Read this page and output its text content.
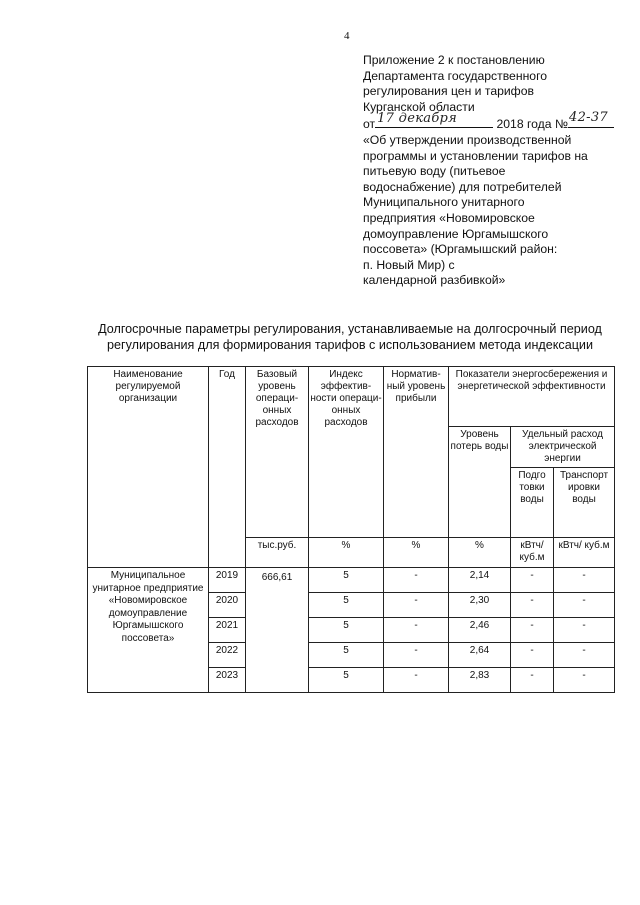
4
Приложение 2 к постановлению
Департамента государственного
регулирования цен и тарифов
Курганской области
от 17 декабря	2018 года № 42-37
«Об утверждении производственной
программы и установлении тарифов на
питьевую воду (питьевое
водоснабжение) для потребителей
Муниципального унитарного
предприятия «Новомировское
домоуправление Юргамышского
поссовета» (Юргамышский район:
п. Новый Мир) с
календарной разбивкой»
Долгосрочные параметры регулирования, устанавливаемые на долгосрочный период
регулирования для формирования тарифов с использованием метода индексации
Наименование регулируемой организации	Год	Базовый уровень операци-онных расходов	Индекс эффектив-ности операци-онных расходов	Норматив-ный уровень прибыли	Показатели энергосбережения и энергетической эффективности		
					Уровень потерь воды	Удельный расход электрической энергии	
						Подго товки воды	Транспорт ировки воды
		тыс.руб.	%	%	%	кВтч/ куб.м	кВтч/ куб.м
Муниципальное унитарное предприятие «Новомировское домоуправление Юргамышского поссовета»	2019	666,61	5	-	2,14	-	-
	2020		5	-	2,30	-	-
	2021		5	-	2,46	-	-
	2022		5	-	2,64	-	-
	2023		5	-	2,83	-	-
